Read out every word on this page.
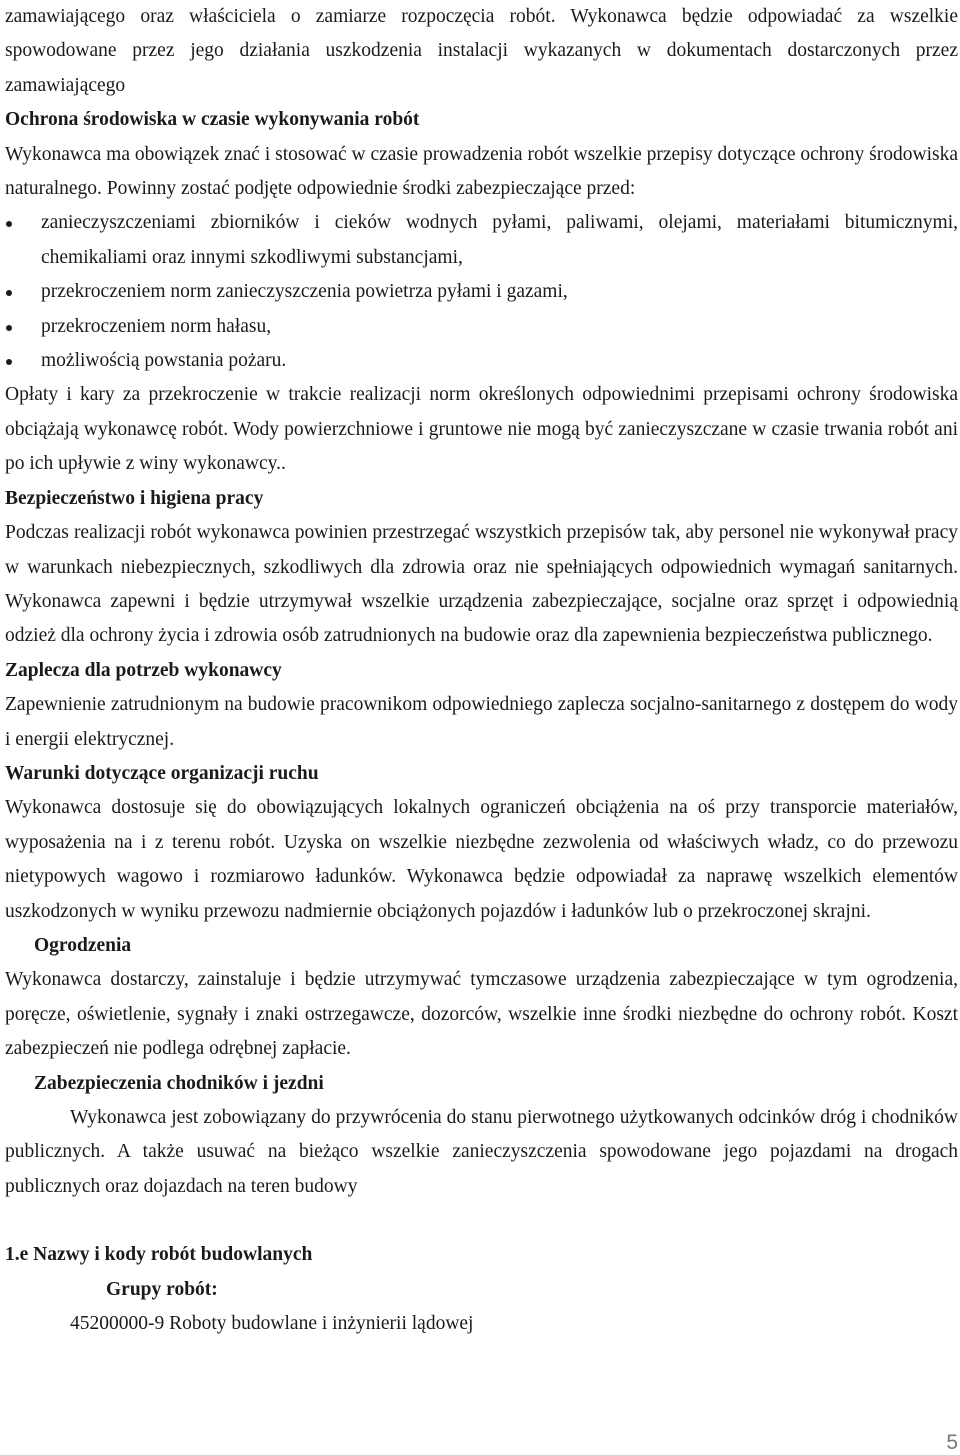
zamawiającego oraz właściciela o zamiarze rozpoczęcia robót. Wykonawca będzie odpowiadać za wszelkie spowodowane przez jego działania uszkodzenia instalacji wykazanych w dokumentach dostarczonych przez zamawiającego

Ochrona środowiska w czasie wykonywania robót

Wykonawca ma obowiązek znać i stosować w czasie prowadzenia robót wszelkie przepisy dotyczące ochrony środowiska naturalnego. Powinny zostać podjęte odpowiednie środki zabezpieczające przed:

zanieczyszczeniami zbiorników i cieków wodnych pyłami, paliwami, olejami, materiałami bitumicznymi, chemikaliami oraz innymi szkodliwymi substancjami,
przekroczeniem norm zanieczyszczenia powietrza pyłami i gazami,
przekroczeniem norm hałasu,
możliwością powstania pożaru.

Opłaty i kary za przekroczenie w trakcie realizacji norm określonych odpowiednimi przepisami ochrony środowiska obciążają wykonawcę robót. Wody powierzchniowe i gruntowe nie mogą być zanieczyszczane w czasie trwania robót ani po ich upływie z winy wykonawcy..

Bezpieczeństwo i higiena pracy

Podczas realizacji robót wykonawca powinien przestrzegać wszystkich przepisów tak, aby personel nie wykonywał pracy w warunkach niebezpiecznych, szkodliwych dla zdrowia oraz nie spełniających odpowiednich wymagań sanitarnych. Wykonawca zapewni i będzie utrzymywał wszelkie urządzenia zabezpieczające, socjalne oraz sprzęt i odpowiednią odzież dla ochrony życia i zdrowia osób zatrudnionych na budowie oraz dla zapewnienia bezpieczeństwa publicznego.

Zaplecza dla potrzeb wykonawcy

Zapewnienie zatrudnionym na budowie pracownikom odpowiedniego zaplecza socjalno-sanitarnego z dostępem do wody i energii elektrycznej.

Warunki dotyczące organizacji ruchu

Wykonawca dostosuje się do obowiązujących lokalnych ograniczeń obciążenia na oś przy transporcie materiałów, wyposażenia na i z terenu robót. Uzyska on wszelkie niezbędne zezwolenia od właściwych władz, co do przewozu nietypowych wagowo i rozmiarowo ładunków. Wykonawca będzie odpowiadał za naprawę wszelkich elementów uszkodzonych w wyniku przewozu nadmiernie obciążonych pojazdów i ładunków lub o przekroczonej skrajni.

Ogrodzenia

Wykonawca dostarczy, zainstaluje i będzie utrzymywać tymczasowe urządzenia zabezpieczające w tym ogrodzenia, poręcze, oświetlenie, sygnały i znaki ostrzegawcze, dozorców, wszelkie inne środki niezbędne do ochrony robót. Koszt zabezpieczeń nie podlega odrębnej zapłacie.

Zabezpieczenia chodników i jezdni

Wykonawca jest zobowiązany do przywrócenia do stanu pierwotnego użytkowanych odcinków dróg i chodników publicznych. A także usuwać na bieżąco wszelkie zanieczyszczenia spowodowane jego pojazdami na drogach publicznych oraz dojazdach na teren budowy

1.e Nazwy i kody robót budowlanych
Grupy robót:

45200000-9 Roboty budowlane i inżynierii lądowej

5
